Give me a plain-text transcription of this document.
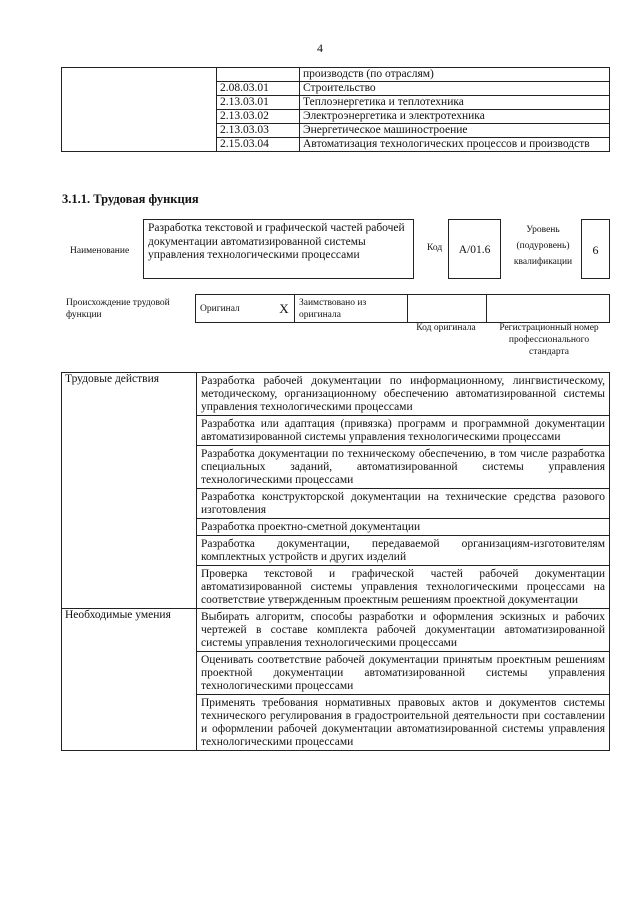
4
		производств (по отраслям)
	2.08.03.01	Строительство
	2.13.03.01	Теплоэнергетика и теплотехника
	2.13.03.02	Электроэнергетика и электротехника
	2.13.03.03	Энергетическое машиностроение
	2.15.03.04	Автоматизация технологических процессов и производств
3.1.1. Трудовая функция
Наименование
Разработка текстовой и графической частей рабочей документации автоматизированной системы управления технологическими процессами
Код	A/01.6
Уровень (подуровень) квалификации
6
Происхождение трудовой функции
Оригинал	X	Заимствовано из оригинала		
Код оригинала	Регистрационный номер профессионального стандарта
Трудовые действия	Разработка рабочей документации по информационному, лингвистическому, методическому, организационному обеспечению автоматизированной системы управления технологическими процессами
	Разработка или адаптация (привязка) программ и программной документации автоматизированной системы управления технологическими процессами
	Разработка документации по техническому обеспечению, в том числе разработка специальных заданий, автоматизированной системы управления технологическими процессами
	Разработка конструкторской документации на технические средства разового изготовления
	Разработка проектно-сметной документации
	Разработка документации, передаваемой организациям-изготовителям комплектных устройств и других изделий
	Проверка текстовой и графической частей рабочей документации автоматизированной системы управления технологическими процессами на соответствие утвержденным проектным решениям проектной документации
Необходимые умения	Выбирать алгоритм, способы разработки и оформления эскизных и рабочих чертежей в составе комплекта рабочей документации автоматизированной системы управления технологическими процессами
	Оценивать соответствие рабочей документации принятым проектным решениям проектной документации автоматизированной системы управления технологическими процессами
	Применять требования нормативных правовых актов и документов системы технического регулирования в градостроительной деятельности при составлении и оформлении рабочей документации автоматизированной системы управления технологическими процессами
